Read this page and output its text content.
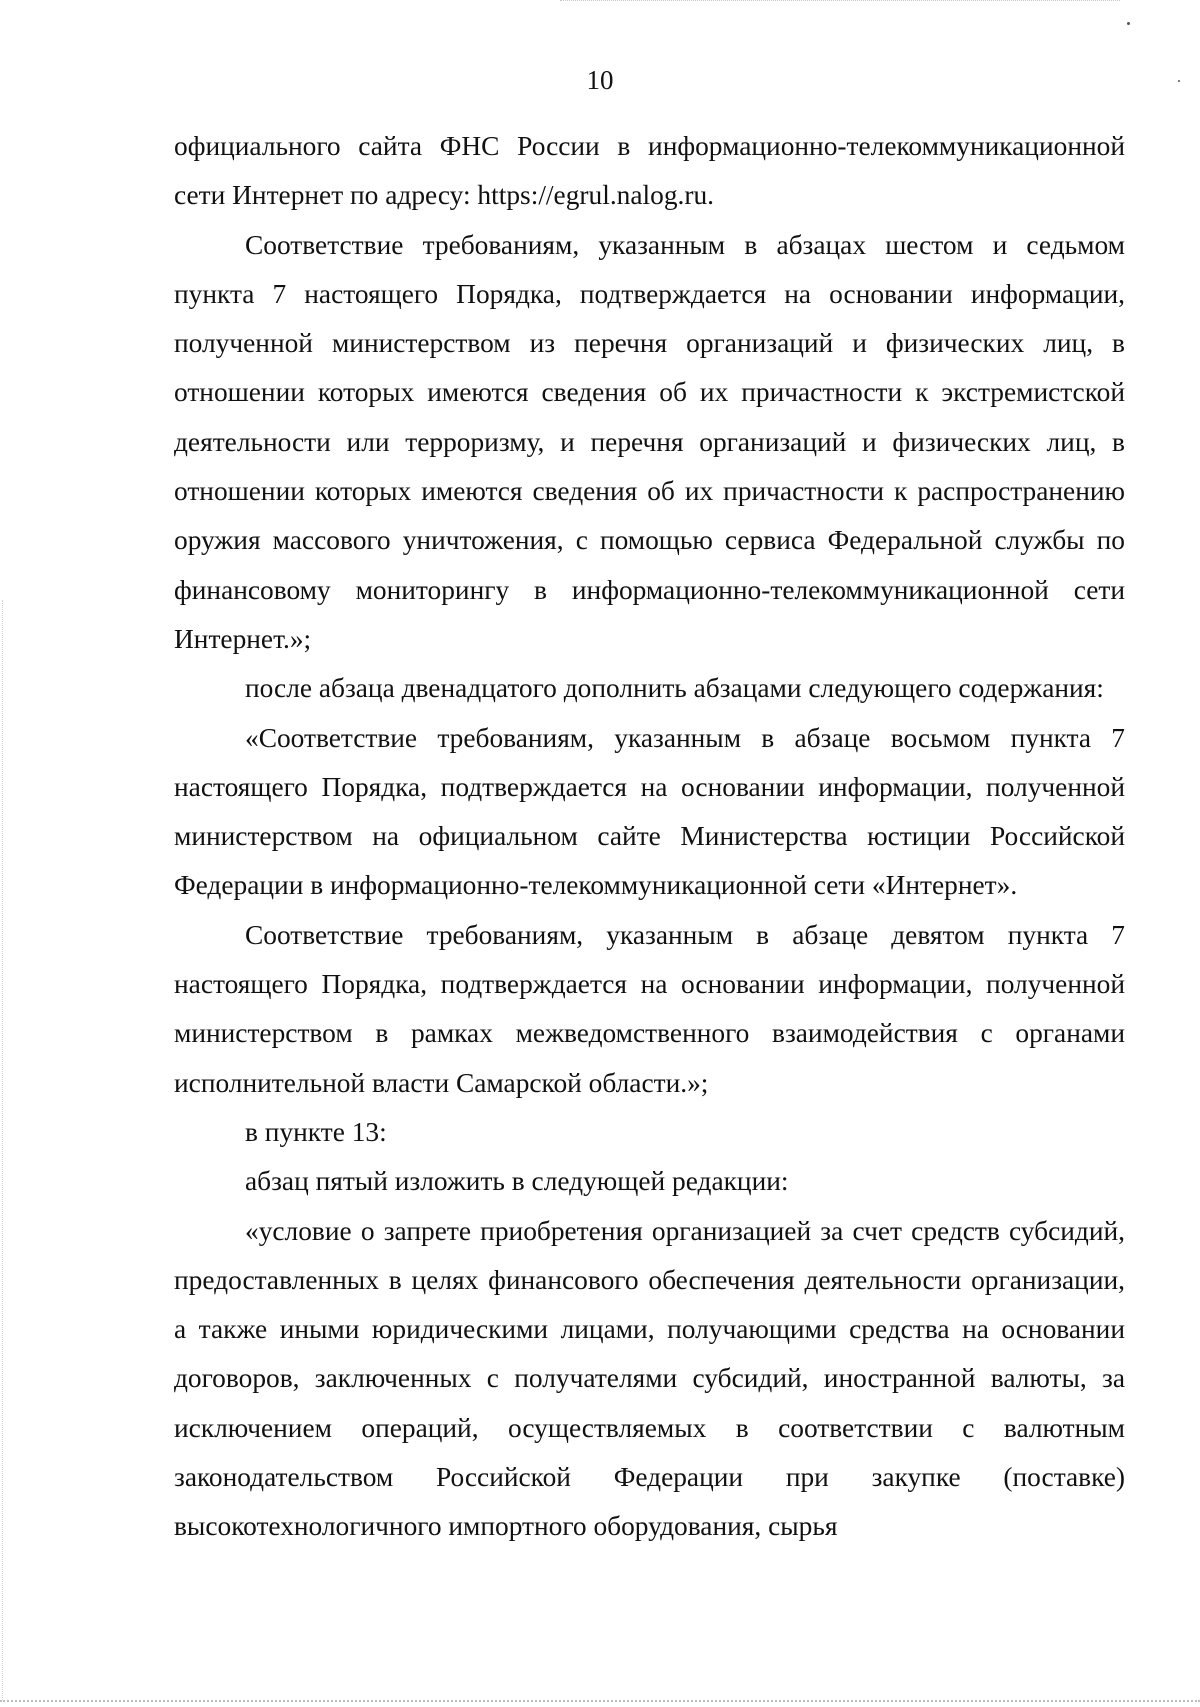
10

официального сайта ФНС России в информационно-телекоммуникационной сети Интернет по адресу: https://egrul.nalog.ru.

Соответствие требованиям, указанным в абзацах шестом и седьмом пункта 7 настоящего Порядка, подтверждается на основании информации, полученной министерством из перечня организаций и физических лиц, в отношении которых имеются сведения об их причастности к экстремистской деятельности или терроризму, и перечня организаций и физических лиц, в отношении которых имеются сведения об их причастности к распространению оружия массового уничтожения, с помощью сервиса Федеральной службы по финансовому мониторингу в информационно-телекоммуникационной сети Интернет.»;

после абзаца двенадцатого дополнить абзацами следующего содержания:

«Соответствие требованиям, указанным в абзаце восьмом пункта 7 настоящего Порядка, подтверждается на основании информации, полученной министерством на официальном сайте Министерства юстиции Российской Федерации в информационно-телекоммуникационной сети «Интернет».

Соответствие требованиям, указанным в абзаце девятом пункта 7 настоящего Порядка, подтверждается на основании информации, полученной министерством в рамках межведомственного взаимодействия с органами исполнительной власти Самарской области.»;

в пункте 13:

абзац пятый изложить в следующей редакции:

«условие о запрете приобретения организацией за счет средств субсидий, предоставленных в целях финансового обеспечения деятельности организации, а также иными юридическими лицами, получающими средства на основании договоров, заключенных с получателями субсидий, иностранной валюты, за исключением операций, осуществляемых в соответствии с валютным законодательством Российской Федерации при закупке (поставке) высокотехнологичного импортного оборудования, сырья
